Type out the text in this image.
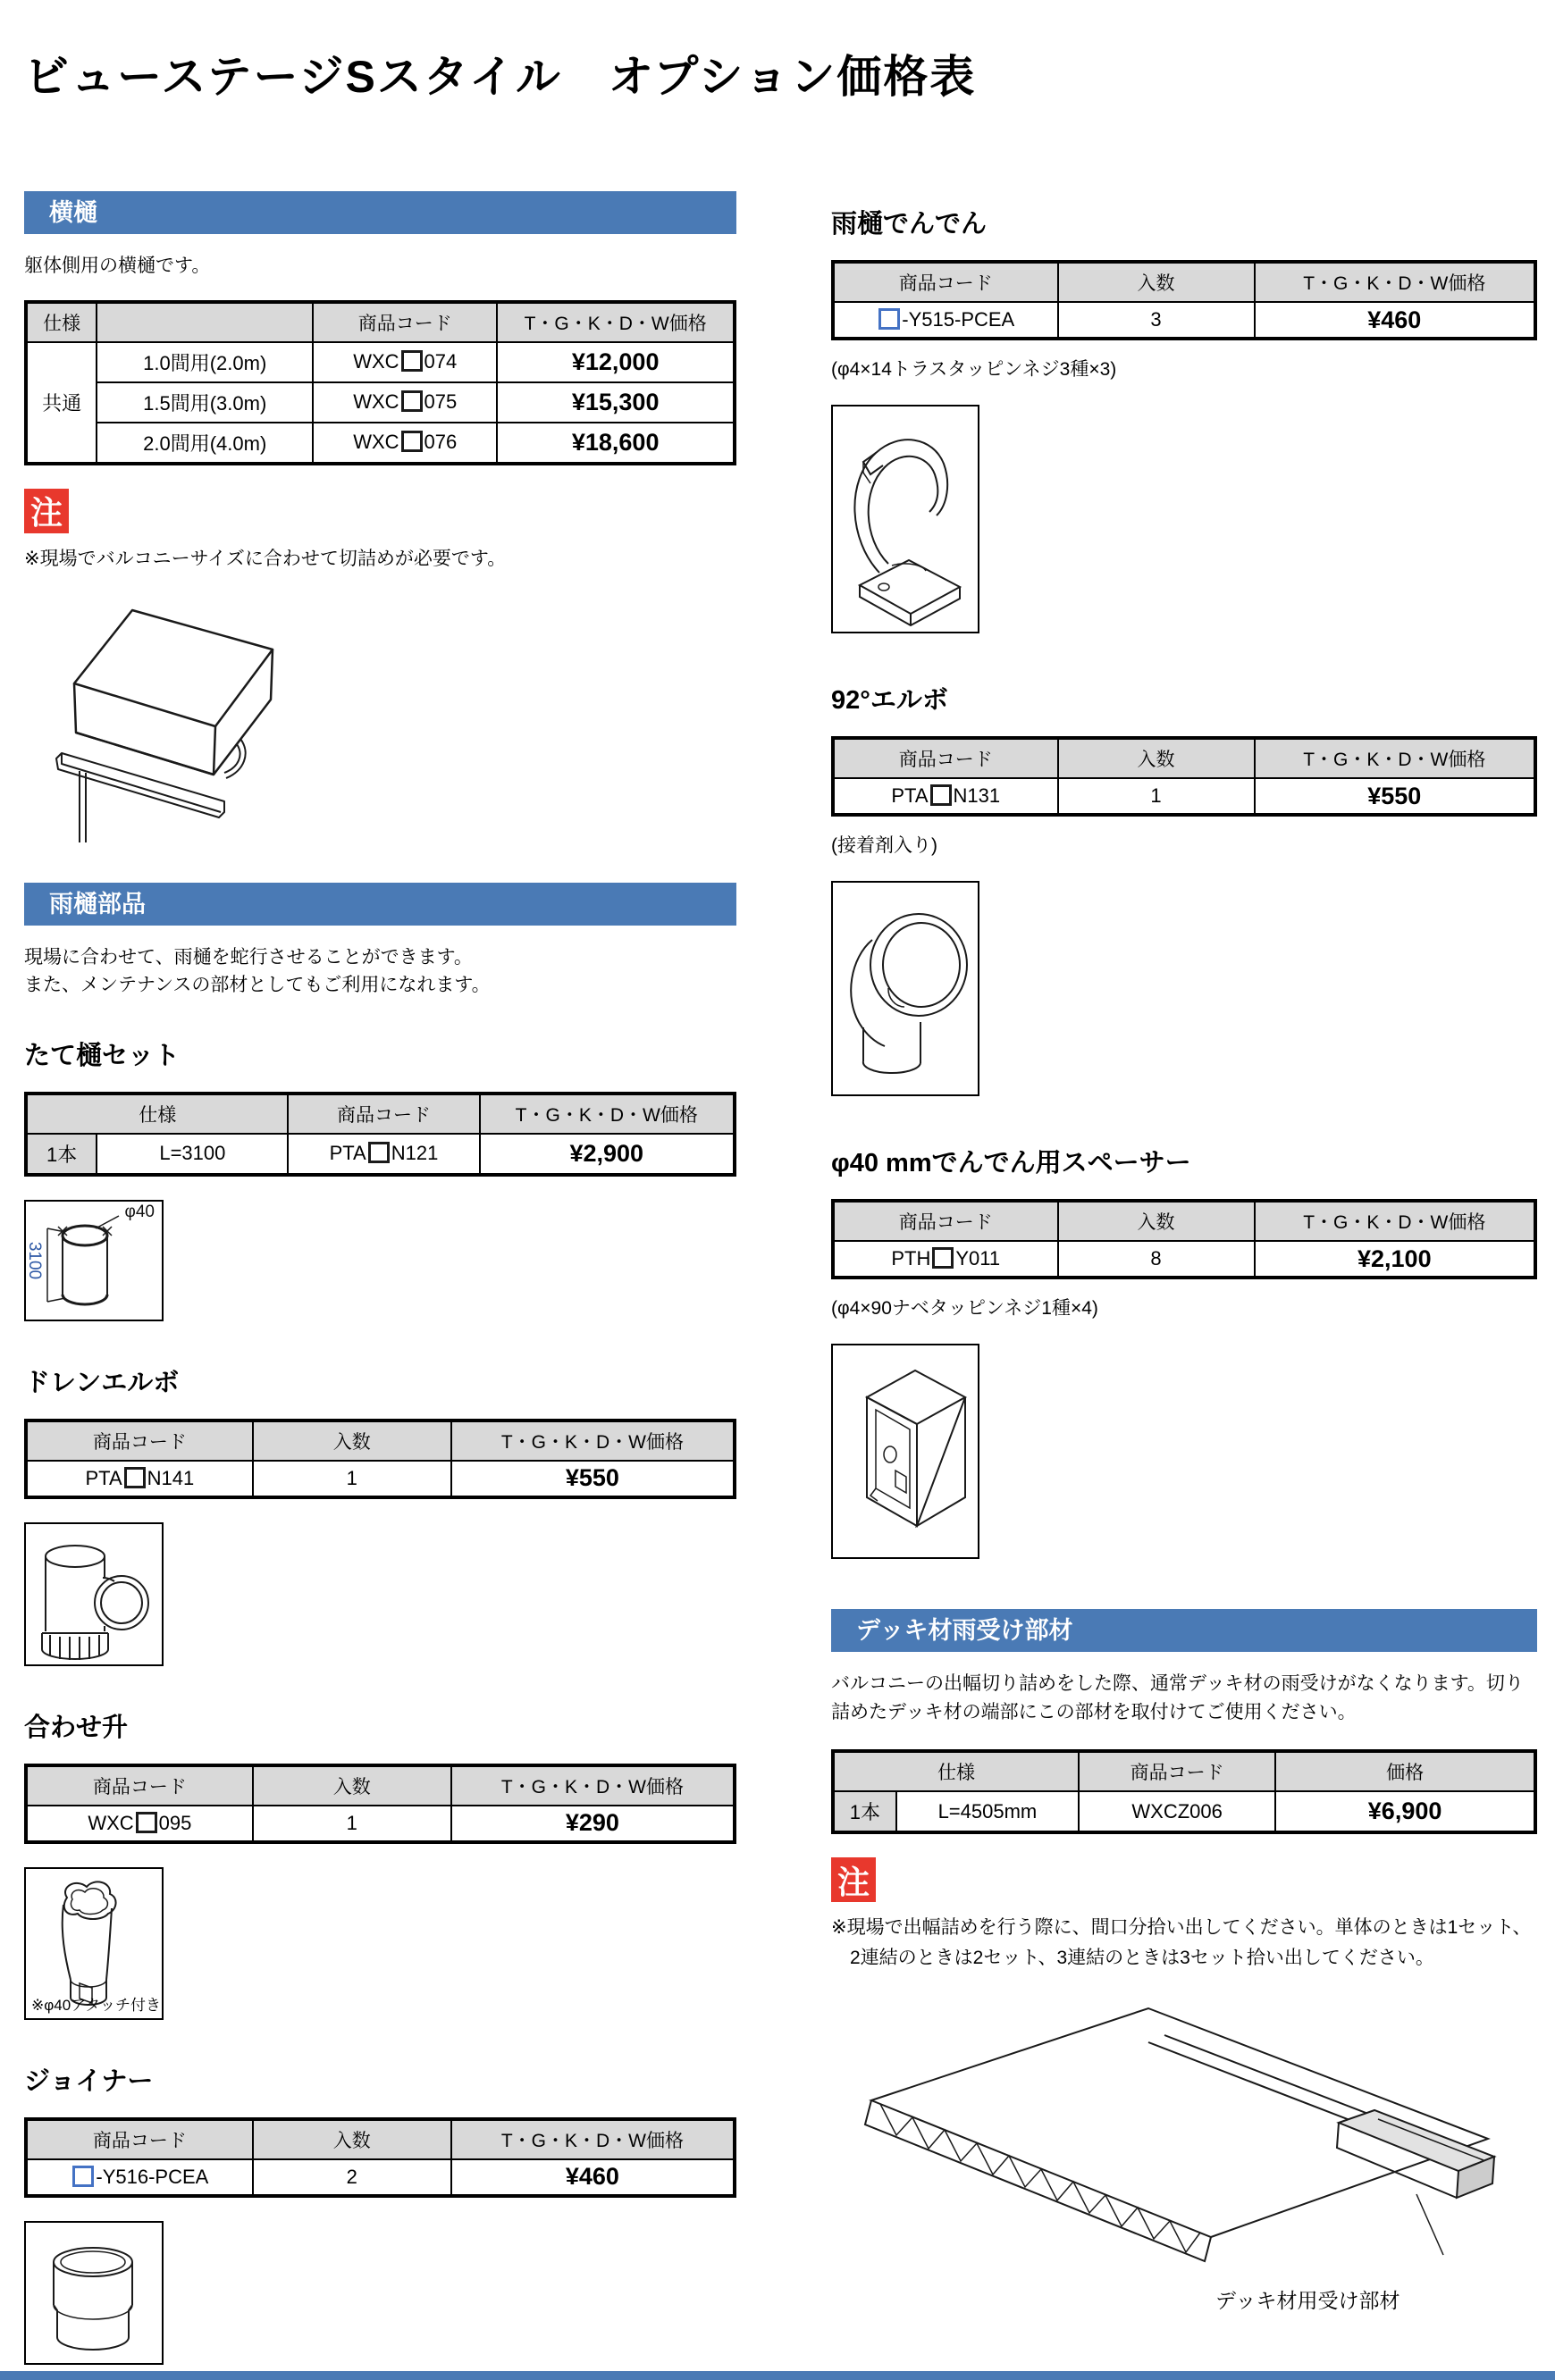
ビューステージSスタイル　オプション価格表
横樋
躯体側用の横樋です。
仕様		商品コード	T・G・K・D・W価格
共通	1.0間用(2.0m)	WXC 074	¥12,000
	1.5間用(3.0m)	WXC 075	¥15,300
	2.0間用(4.0m)	WXC 076	¥18,600
注
※現場でバルコニーサイズに合わせて切詰めが必要です。
雨樋部品
現場に合わせて、雨樋を蛇行させることができます。
また、メンテナンスの部材としてもご利用になれます。
たて樋セット
仕様		商品コード	T・G・K・D・W価格
1本	L=3100	PTA N121	¥2,900
φ40
3100
ドレンエルボ
商品コード	入数	T・G・K・D・W価格
PTA N141	1	¥550
合わせ升
商品コード	入数	T・G・K・D・W価格
WXC 095	1	¥290
※φ40アタッチ付き
ジョイナー
商品コード	入数	T・G・K・D・W価格
-Y516-PCEA	2	¥460
雨樋でんでん
商品コード	入数	T・G・K・D・W価格
-Y515-PCEA	3	¥460
(φ4×14トラスタッピンネジ3種×3)
92°エルボ
商品コード	入数	T・G・K・D・W価格
PTA N131	1	¥550
(接着剤入り)
φ40 mmでんでん用スペーサー
商品コード	入数	T・G・K・D・W価格
PTH Y011	8	¥2,100
(φ4×90ナベタッピンネジ1種×4)
デッキ材雨受け部材
バルコニーの出幅切り詰めをした際、通常デッキ材の雨受けがなくなります。切り詰めたデッキ材の端部にこの部材を取付けてご使用ください。
仕様		商品コード	価格
1本	L=4505mm	WXCZ006	¥6,900
注
※現場で出幅詰めを行う際に、間口分拾い出してください。単体のときは1セット、2連結のときは2セット、3連結のときは3セット拾い出してください。
デッキ材用受け部材
